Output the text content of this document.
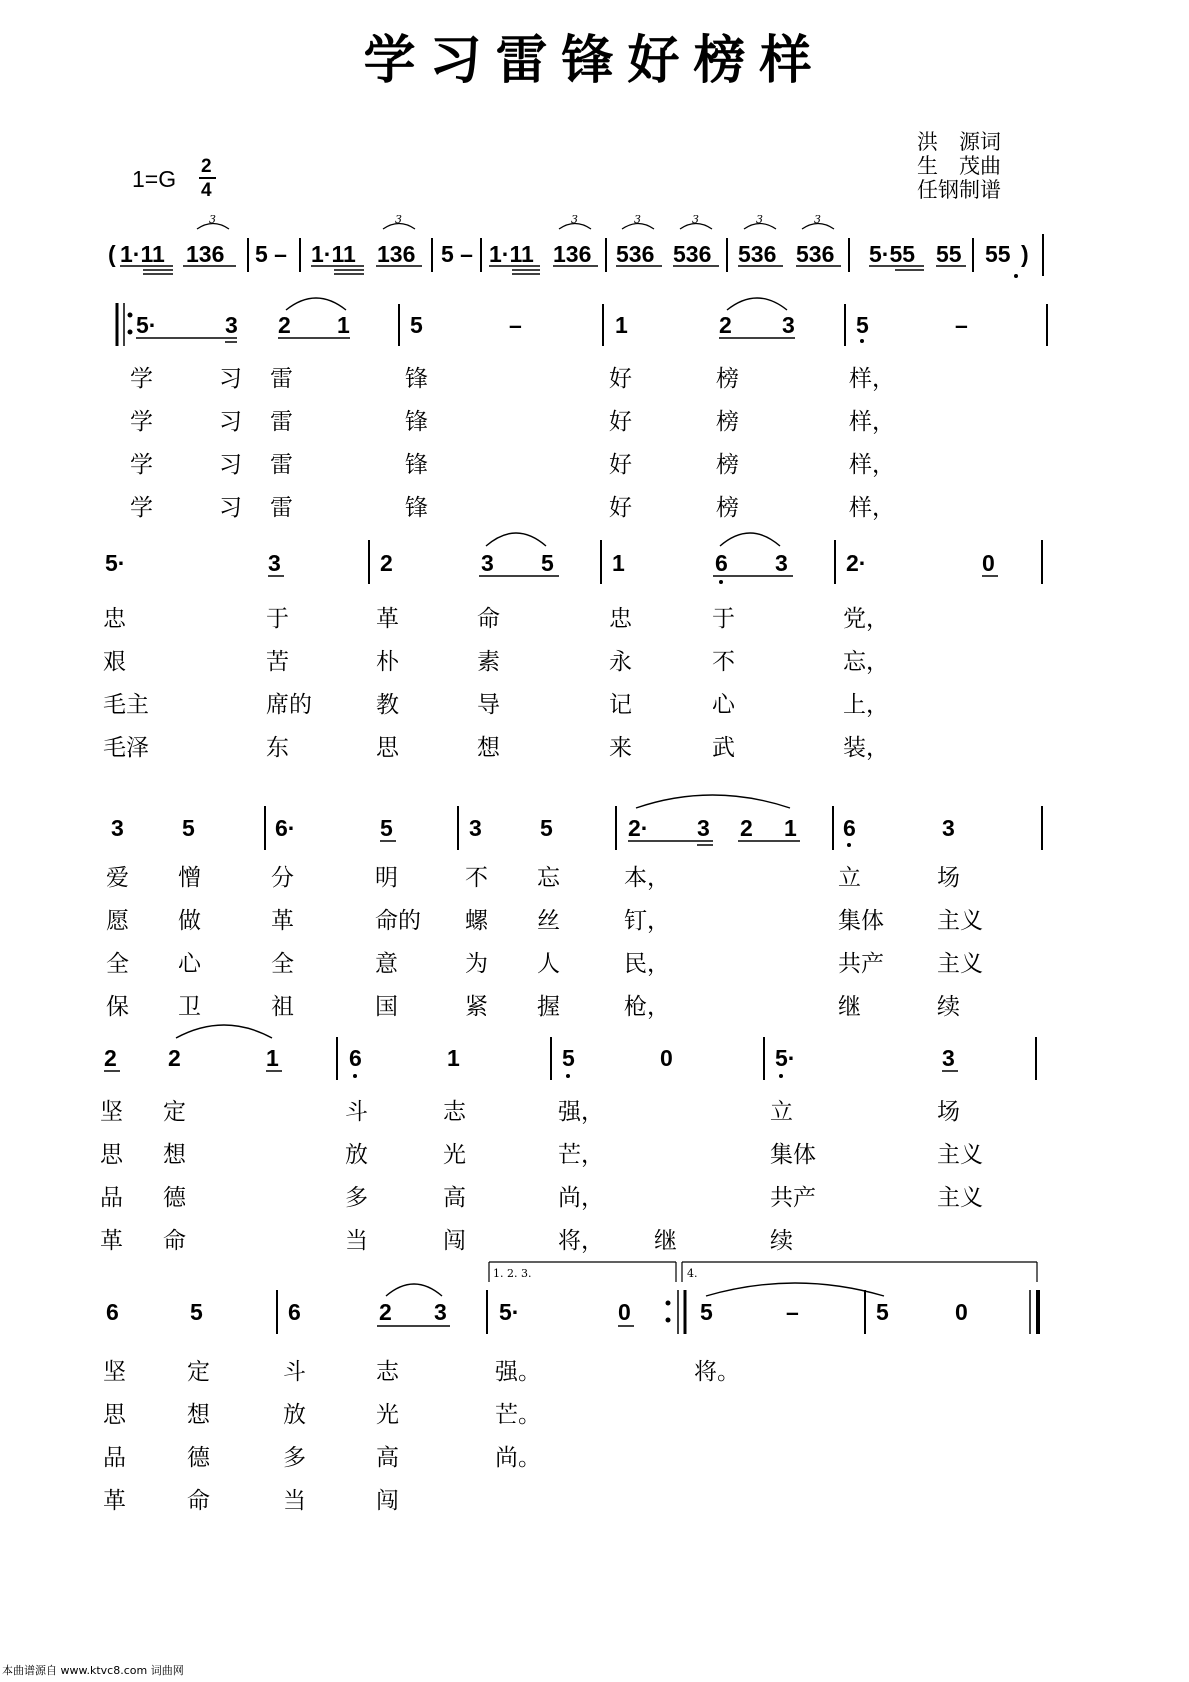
学习雷锋好榜样
洪　源词
生　茂曲
任钢制谱
1=G 2
4
3	3	3	3	3	3	3
( 1·11 136 5 – 1·11 136 5 – 1·11 136 536 536 536 536 5·55 55 55 )
5·	3 2 1	5	–	1	2 3	5	–
学	习 雷	锋	好	榜	样，
学	习 雷	锋	好	榜	样，
学	习 雷	锋	好	榜	样，
学	习 雷	锋	好	榜	样，
5·	3	2	3 5	1	6 3	2·	0
忠	于	革	命	忠	于	党，
艰	苦	朴	素	永	不	忘，
毛主	席的	教	导	记	心	上，
毛泽	东	思	想	来	武	装，
3	5	6·	5	3	5	2· 3 2 1 6	3
爱 憎	分	明	不 忘	本，	立	场
愿 做	革	命的 螺 丝	钉，	集体 主义
全 心	全	意	为 人	民，	共产 主义
保 卫	祖	国	紧 握	枪，	继	续
2 2	1	6	1	5	0	5·	3
坚 定	斗	志	强，	立	场
思 想	放	光	芒，	集体	主义
品 德	多	高	尚，	共产	主义
革 命	当	闯	将， 继	续
1. 2. 3.	4.
6	5	6	2 3 5·	0	5	–	5	0
坚	定	斗	志	强。	将。
思	想	放	光	芒。
品	德	多	高	尚。
革	命	当	闯
本曲谱源自 www.ktvc8.com 词曲网
